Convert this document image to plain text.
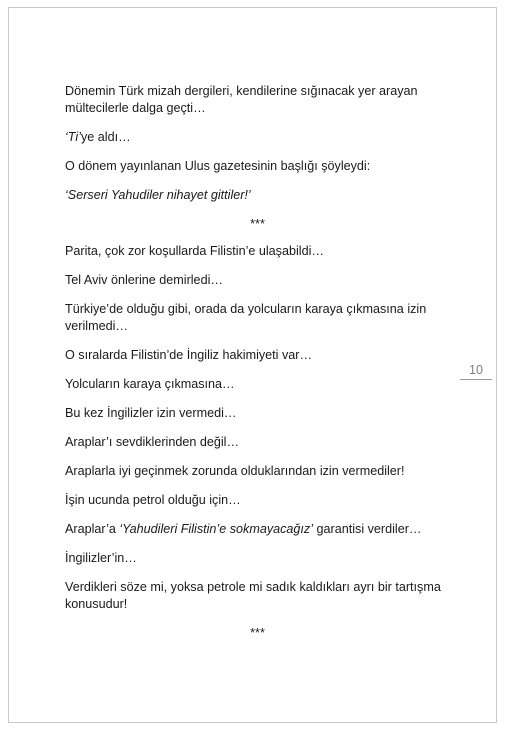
Dönemin Türk mizah dergileri, kendilerine sığınacak yer arayan mültecilerle dalga geçti…

‘Ti’ye aldı…

O dönem yayınlanan Ulus gazetesinin başlığı şöyleydi:

‘Serseri Yahudiler nihayet gittiler!’

***

Parita, çok zor koşullarda Filistin’e ulaşabildi…

Tel Aviv önlerine demirledi…

Türkiye’de olduğu gibi, orada da yolcuların karaya çıkmasına izin verilmedi…

O sıralarda Filistin’de İngiliz hakimiyeti var…

Yolcuların karaya çıkmasına…

Bu kez İngilizler izin vermedi…

Araplar’ı sevdiklerinden değil…

Araplarla iyi geçinmek zorunda olduklarından izin vermediler!

İşin ucunda petrol olduğu için…

Araplar’a ‘Yahudileri Filistin’e sokmayacağız’ garantisi verdiler…

İngilizler’in…

Verdikleri söze mi, yoksa petrole mi sadık kaldıkları ayrı bir tartışma konusudur!

***

10
